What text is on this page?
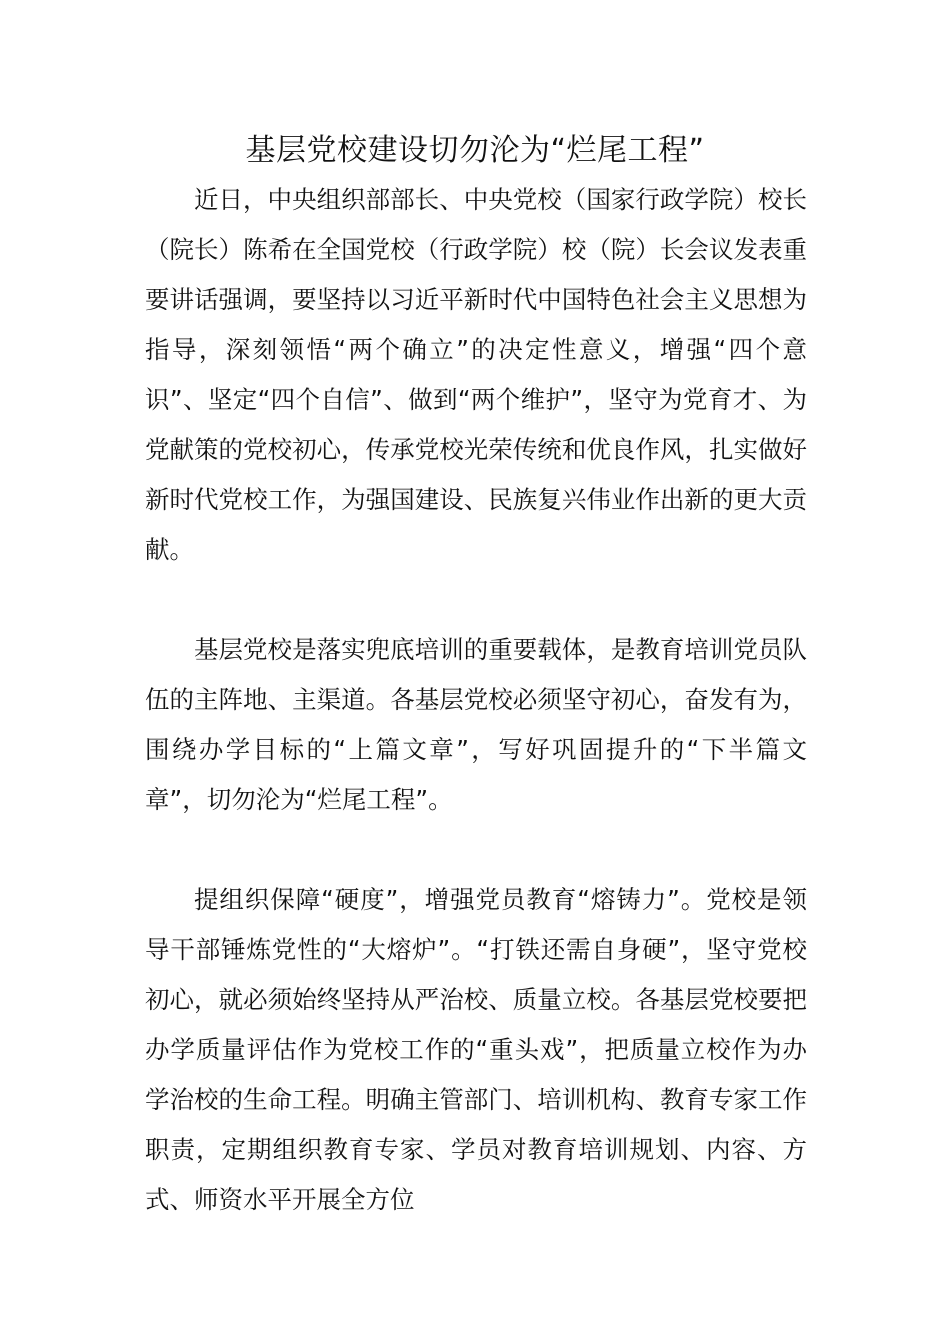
基层党校建设切勿沦为“烂尾工程”

近日，中央组织部部长、中央党校（国家行政学院）校长（院长）陈希在全国党校（行政学院）校（院）长会议发表重要讲话强调，要坚持以习近平新时代中国特色社会主义思想为指导，深刻领悟“两个确立”的决定性意义，增强“四个意识”、坚定“四个自信”、做到“两个维护”，坚守为党育才、为党献策的党校初心，传承党校光荣传统和优良作风，扎实做好新时代党校工作，为强国建设、民族复兴伟业作出新的更大贡献。

基层党校是落实兜底培训的重要载体，是教育培训党员队伍的主阵地、主渠道。各基层党校必须坚守初心，奋发有为，围绕办学目标的“上篇文章”，写好巩固提升的“下半篇文章”，切勿沦为“烂尾工程”。

提组织保障“硬度”，增强党员教育“熔铸力”。党校是领导干部锤炼党性的“大熔炉”。“打铁还需自身硬”，坚守党校初心，就必须始终坚持从严治校、质量立校。各基层党校要把办学质量评估作为党校工作的“重头戏”，把质量立校作为办学治校的生命工程。明确主管部门、培训机构、教育专家工作职责，定期组织教育专家、学员对教育培训规划、内容、方式、师资水平开展全方位
